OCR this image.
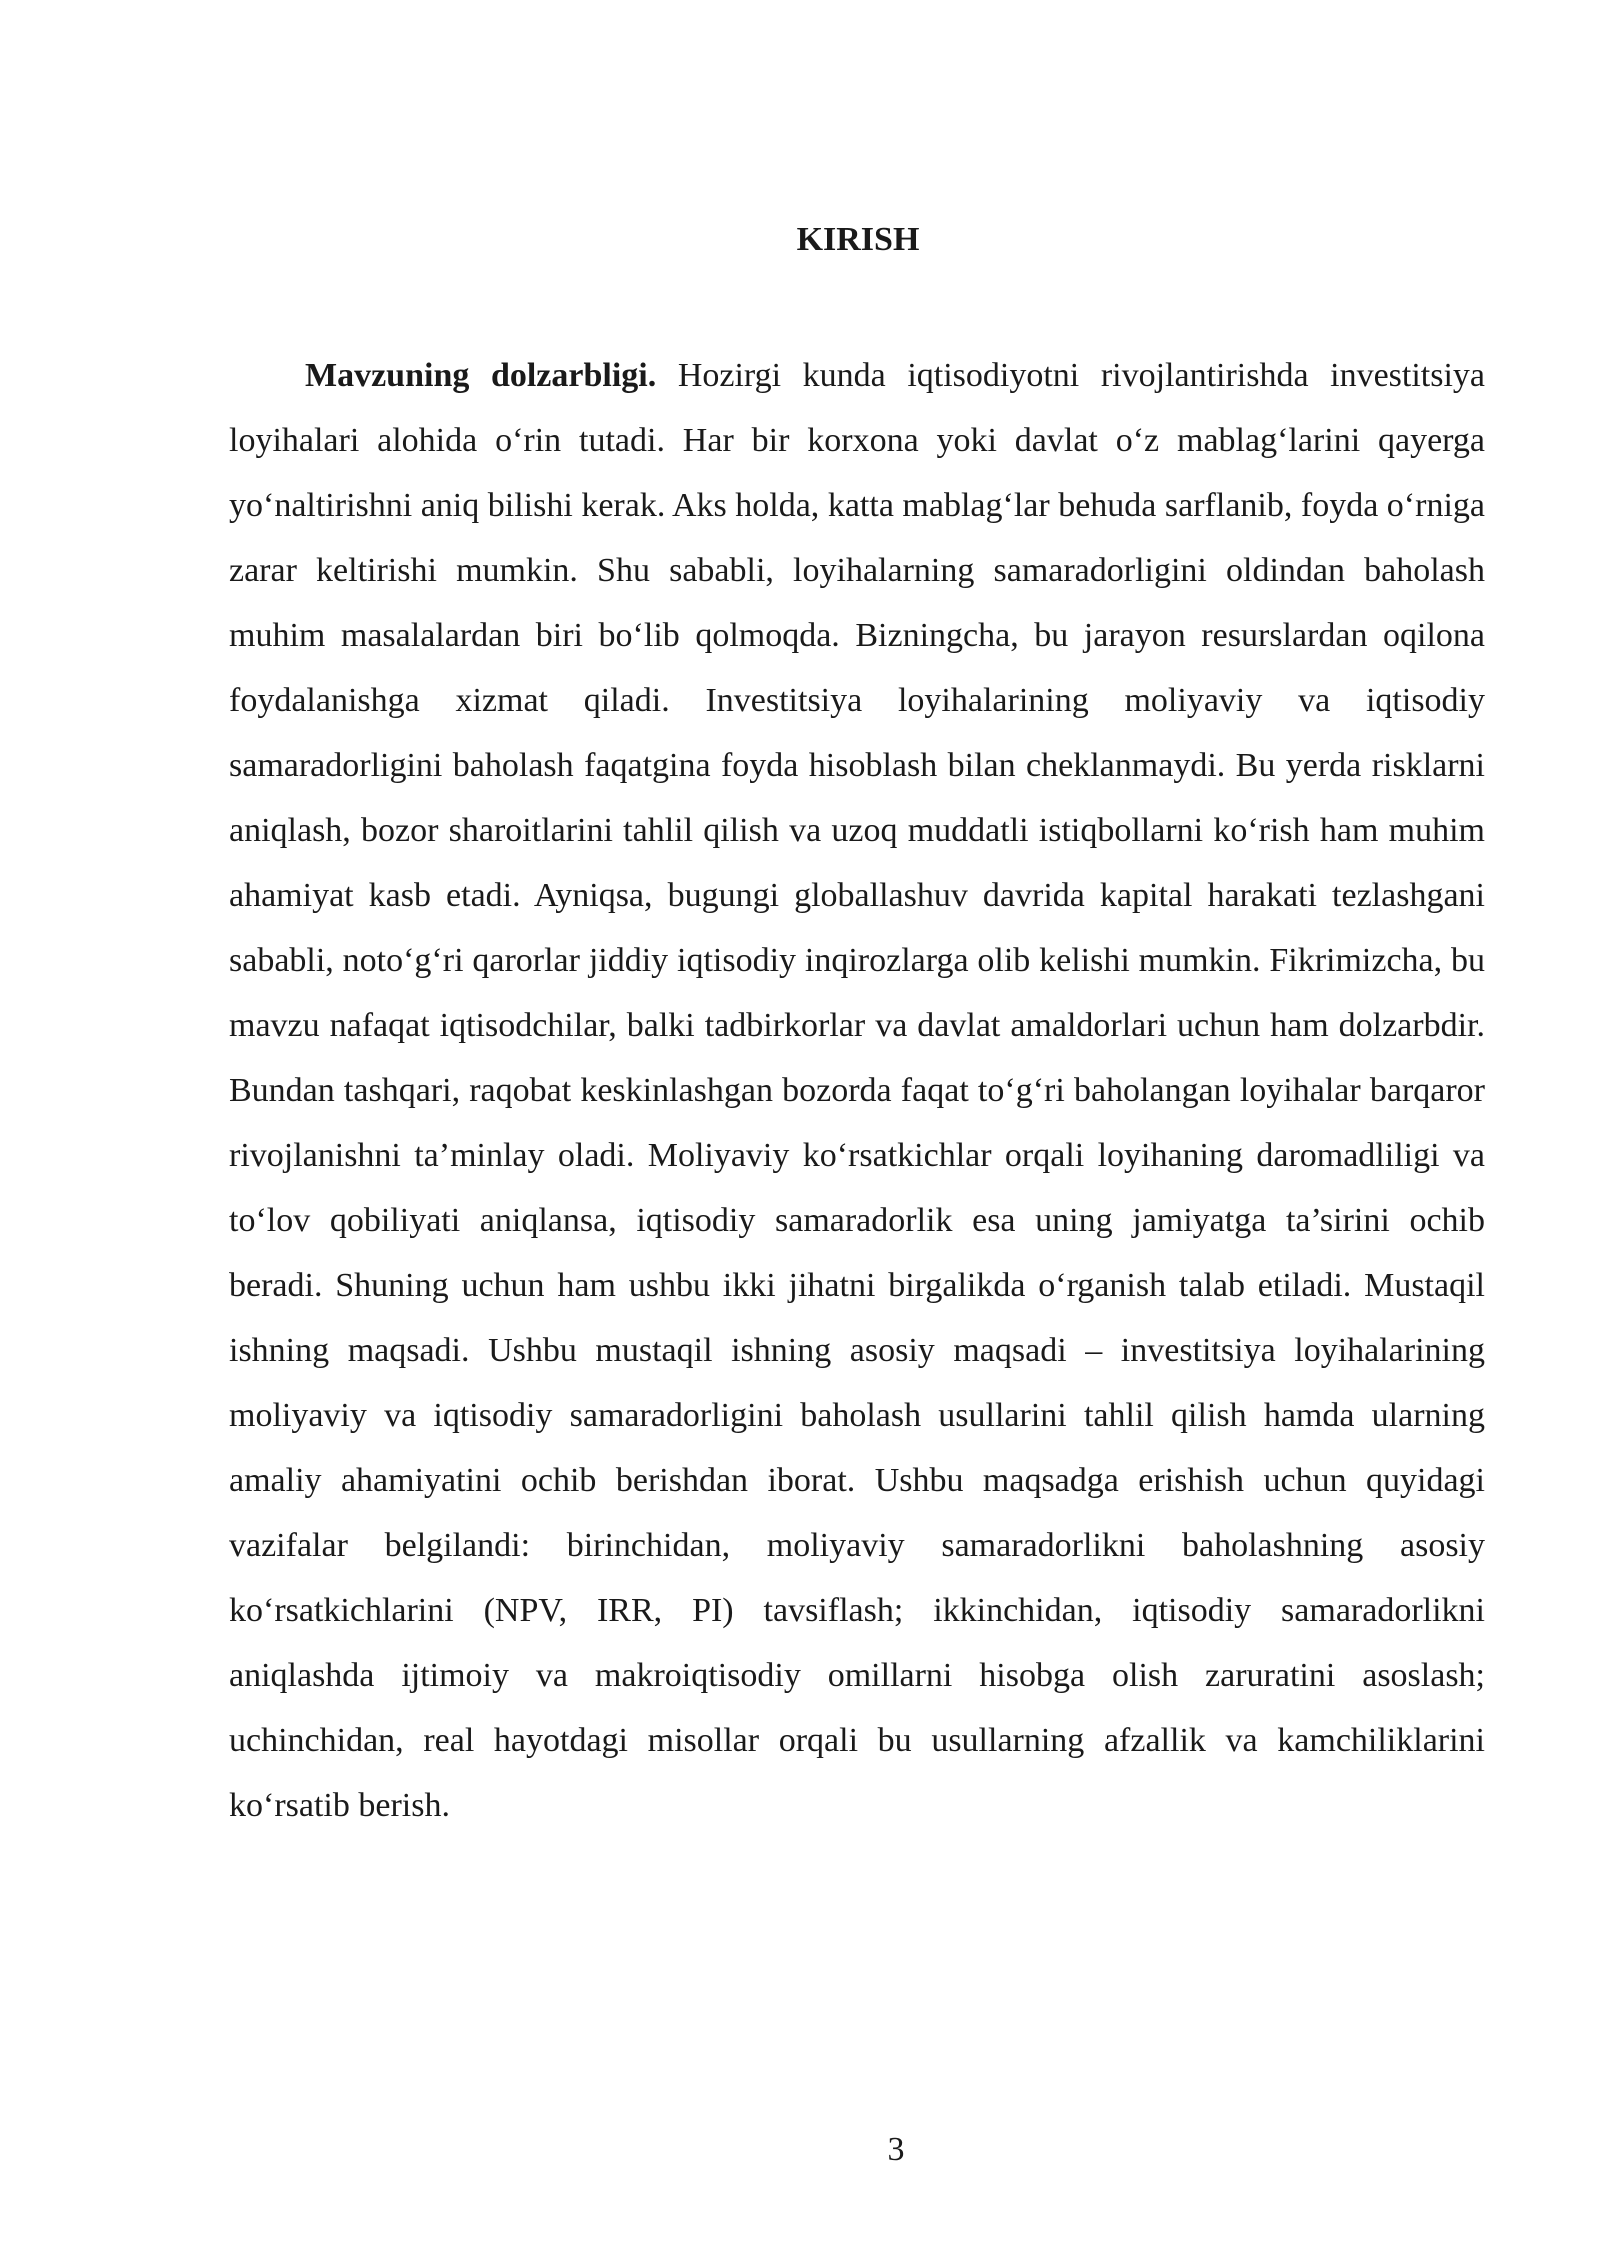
KIRISH

Mavzuning dolzarbligi. Hozirgi kunda iqtisodiyotni rivojlantirishda investitsiya loyihalari alohida o‘rin tutadi. Har bir korxona yoki davlat o‘z mablag‘larini qayerga yo‘naltirishni aniq bilishi kerak. Aks holda, katta mablag‘lar behuda sarflanib, foyda o‘rniga zarar keltirishi mumkin. Shu sababli, loyihalarning samaradorligini oldindan baholash muhim masalalardan biri bo‘lib qolmoqda. Bizningcha, bu jarayon resurslardan oqilona foydalanishga xizmat qiladi. Investitsiya loyihalarining moliyaviy va iqtisodiy samaradorligini baholash faqatgina foyda hisoblash bilan cheklanmaydi. Bu yerda risklarni aniqlash, bozor sharoitlarini tahlil qilish va uzoq muddatli istiqbollarni ko‘rish ham muhim ahamiyat kasb etadi. Ayniqsa, bugungi globallashuv davrida kapital harakati tezlashgani sababli, noto‘g‘ri qarorlar jiddiy iqtisodiy inqirozlarga olib kelishi mumkin. Fikrimizcha, bu mavzu nafaqat iqtisodchilar, balki tadbirkorlar va davlat amaldorlari uchun ham dolzarbdir. Bundan tashqari, raqobat keskinlashgan bozorda faqat to‘g‘ri baholangan loyihalar barqaror rivojlanishni ta’minlay oladi. Moliyaviy ko‘rsatkichlar orqali loyihaning daromadliligi va to‘lov qobiliyati aniqlansa, iqtisodiy samaradorlik esa uning jamiyatga ta’sirini ochib beradi. Shuning uchun ham ushbu ikki jihatni birgalikda o‘rganish talab etiladi. Mustaqil ishning maqsadi. Ushbu mustaqil ishning asosiy maqsadi – investitsiya loyihalarining moliyaviy va iqtisodiy samaradorligini baholash usullarini tahlil qilish hamda ularning amaliy ahamiyatini ochib berishdan iborat. Ushbu maqsadga erishish uchun quyidagi vazifalar belgilandi: birinchidan, moliyaviy samaradorlikni baholashning asosiy ko‘rsatkichlarini (NPV, IRR, PI) tavsiflash; ikkinchidan, iqtisodiy samaradorlikni aniqlashda ijtimoiy va makroiqtisodiy omillarni hisobga olish zaruratini asoslash; uchinchidan, real hayotdagi misollar orqali bu usullarning afzallik va kamchiliklarini ko‘rsatib berish.

3
